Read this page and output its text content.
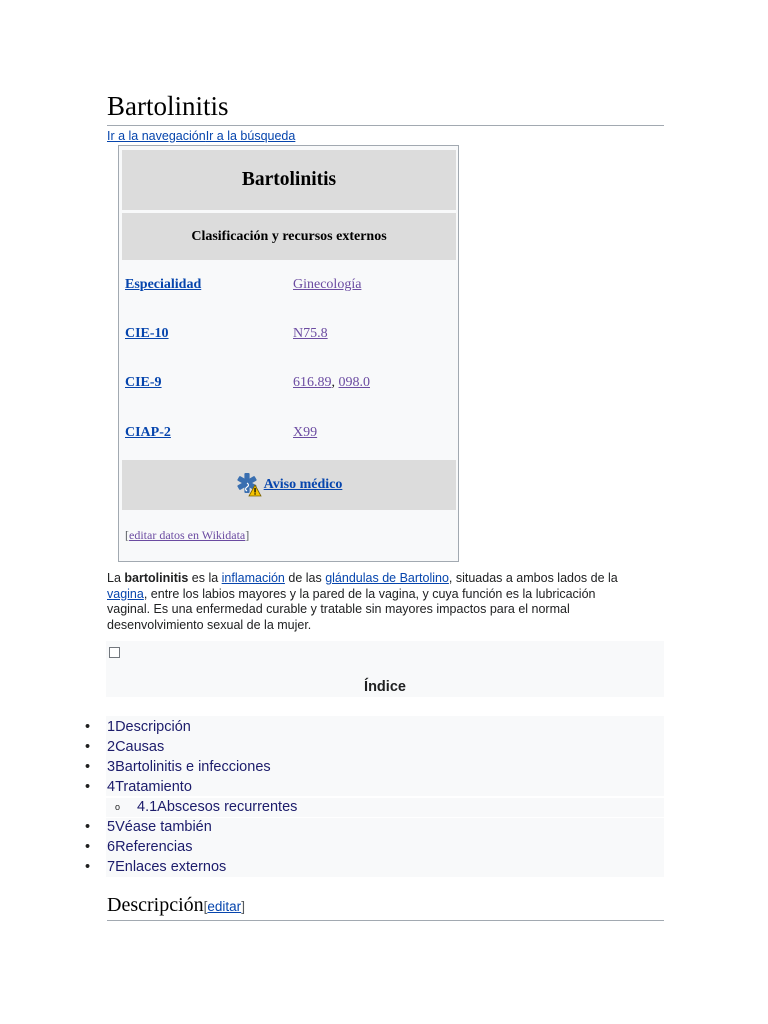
Bartolinitis
Ir a la navegaciónIr a la búsqueda
Bartolinitis
Clasificación y recursos externos
Especialidad	Ginecología
CIE-10	N75.8
CIE-9	616.89, 098.0
CIAP-2	X99
Aviso médico
[editar datos en Wikidata]

La bartolinitis es la inflamación de las glándulas de Bartolino, situadas a ambos lados de la vagina, entre los labios mayores y la pared de la vagina, y cuya función es la lubricación vaginal. Es una enfermedad curable y tratable sin mayores impactos para el normal desenvolvimiento sexual de la mujer.

Índice
• 1Descripción
• 2Causas
• 3Bartolinitis e infecciones
• 4Tratamiento
o 4.1Abscesos recurrentes
• 5Véase también
• 6Referencias
• 7Enlaces externos
Descripción[editar]
